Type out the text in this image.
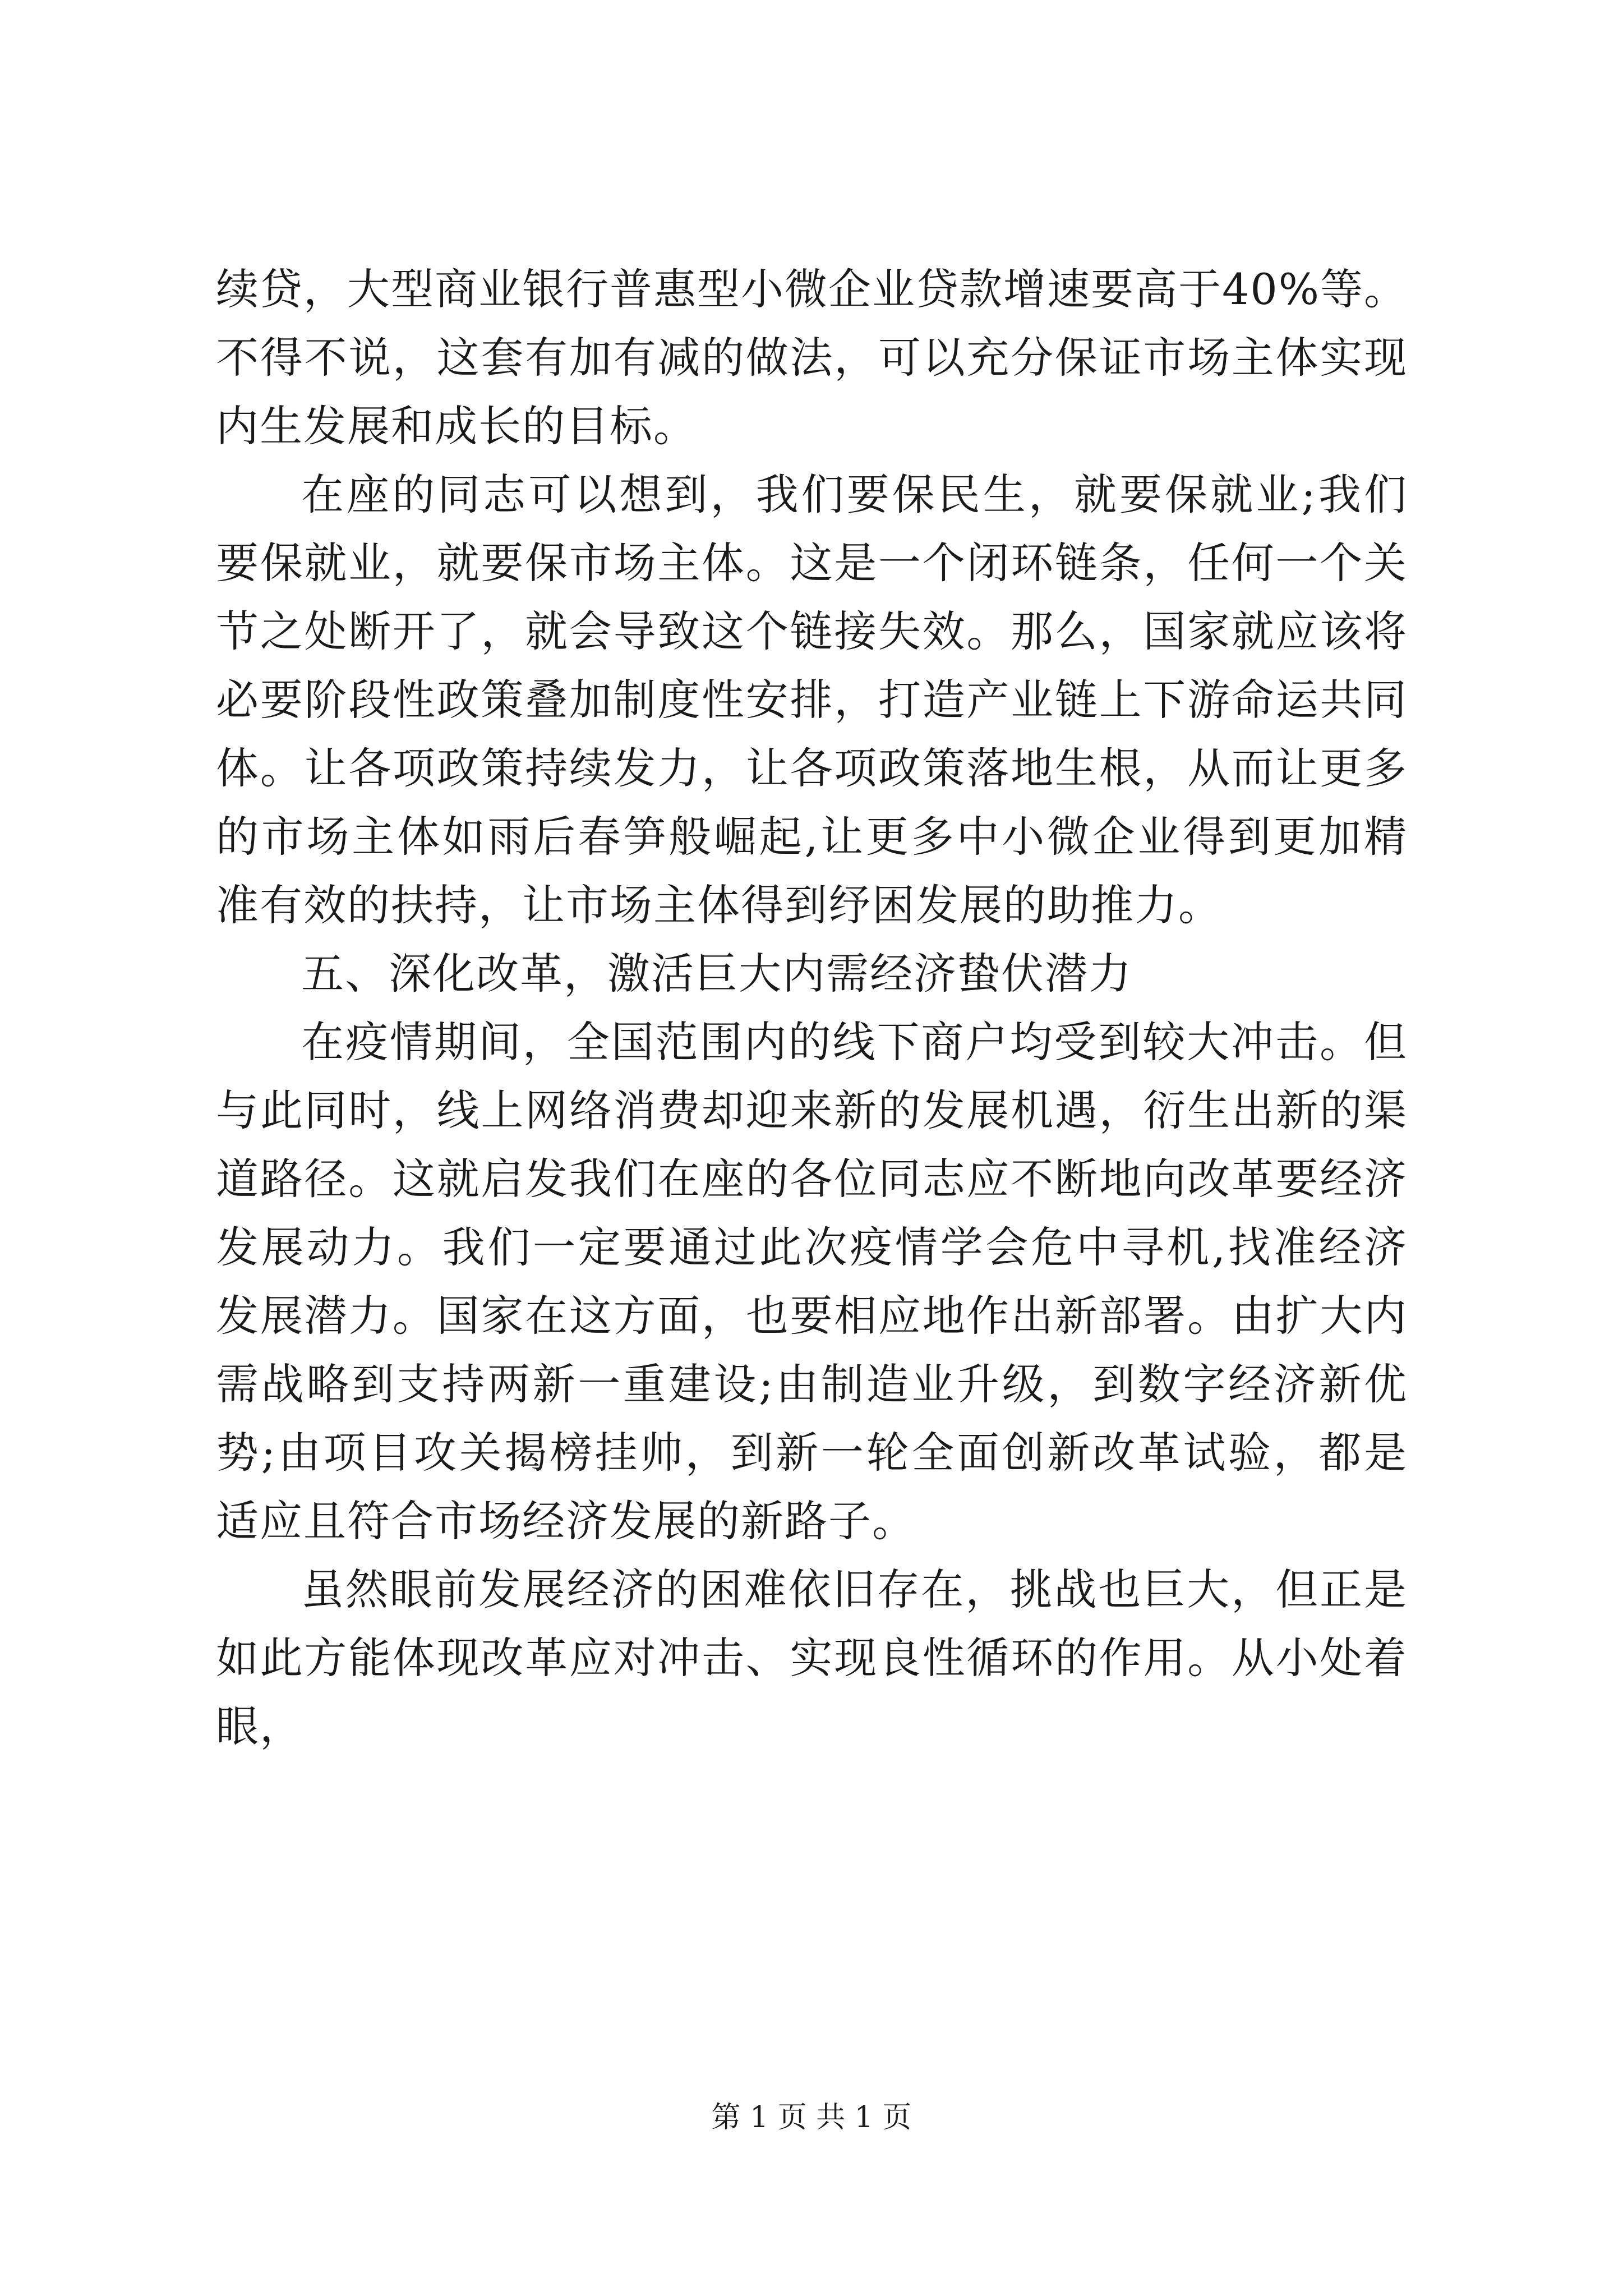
续贷，大型商业银行普惠型小微企业贷款增速要高于40%等。不得不说，这套有加有减的做法，可以充分保证市场主体实现内生发展和成长的目标。

在座的同志可以想到，我们要保民生，就要保就业;我们要保就业，就要保市场主体。这是一个闭环链条，任何一个关节之处断开了，就会导致这个链接失效。那么，国家就应该将必要阶段性政策叠加制度性安排，打造产业链上下游命运共同体。让各项政策持续发力，让各项政策落地生根，从而让更多的市场主体如雨后春笋般崛起,让更多中小微企业得到更加精准有效的扶持，让市场主体得到纾困发展的助推力。

五、深化改革，激活巨大内需经济蛰伏潜力

在疫情期间，全国范围内的线下商户均受到较大冲击。但与此同时，线上网络消费却迎来新的发展机遇，衍生出新的渠道路径。这就启发我们在座的各位同志应不断地向改革要经济发展动力。我们一定要通过此次疫情学会危中寻机,找准经济发展潜力。国家在这方面，也要相应地作出新部署。由扩大内需战略到支持两新一重建设;由制造业升级，到数字经济新优势;由项目攻关揭榜挂帅，到新一轮全面创新改革试验，都是适应且符合市场经济发展的新路子。

虽然眼前发展经济的困难依旧存在，挑战也巨大，但正是如此方能体现改革应对冲击、实现良性循环的作用。从小处着眼，

第 1 页 共 1 页
